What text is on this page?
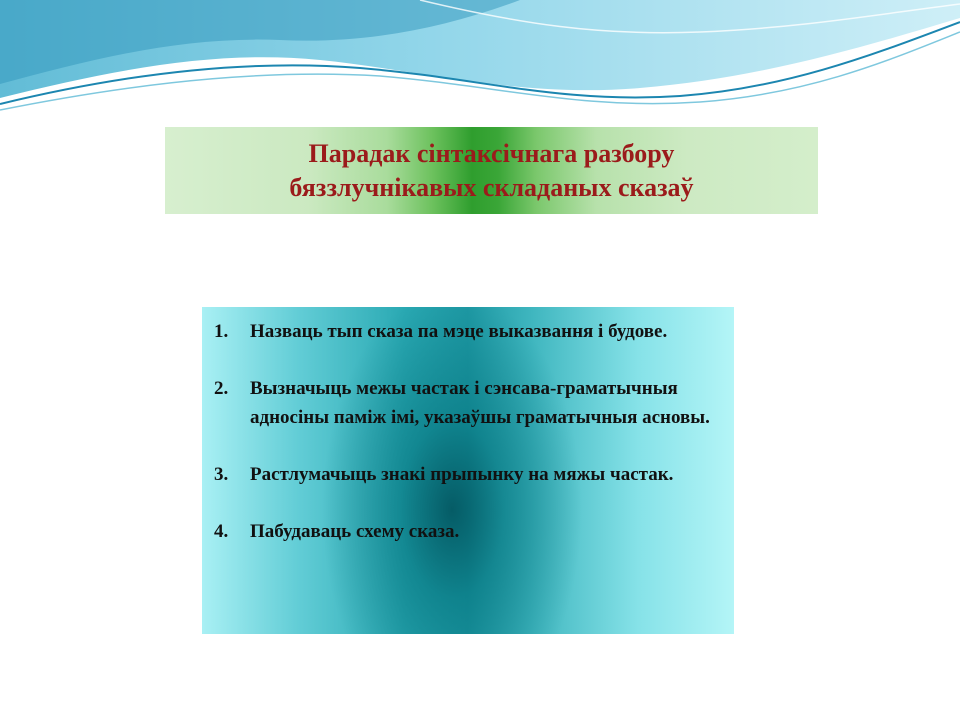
Парадак сінтаксічнага разбору
бяззлучнікавых складаных сказаў
1.	Назваць тып сказа па мэце выказвання і будове.
2.	Вызначыць межы частак і сэнсава-граматычныя адносіны паміж імі, указаўшы граматычныя асновы.
3.	Растлумачыць знакі прыпынку на мяжы частак.
4.	Пабудаваць схему сказа.
